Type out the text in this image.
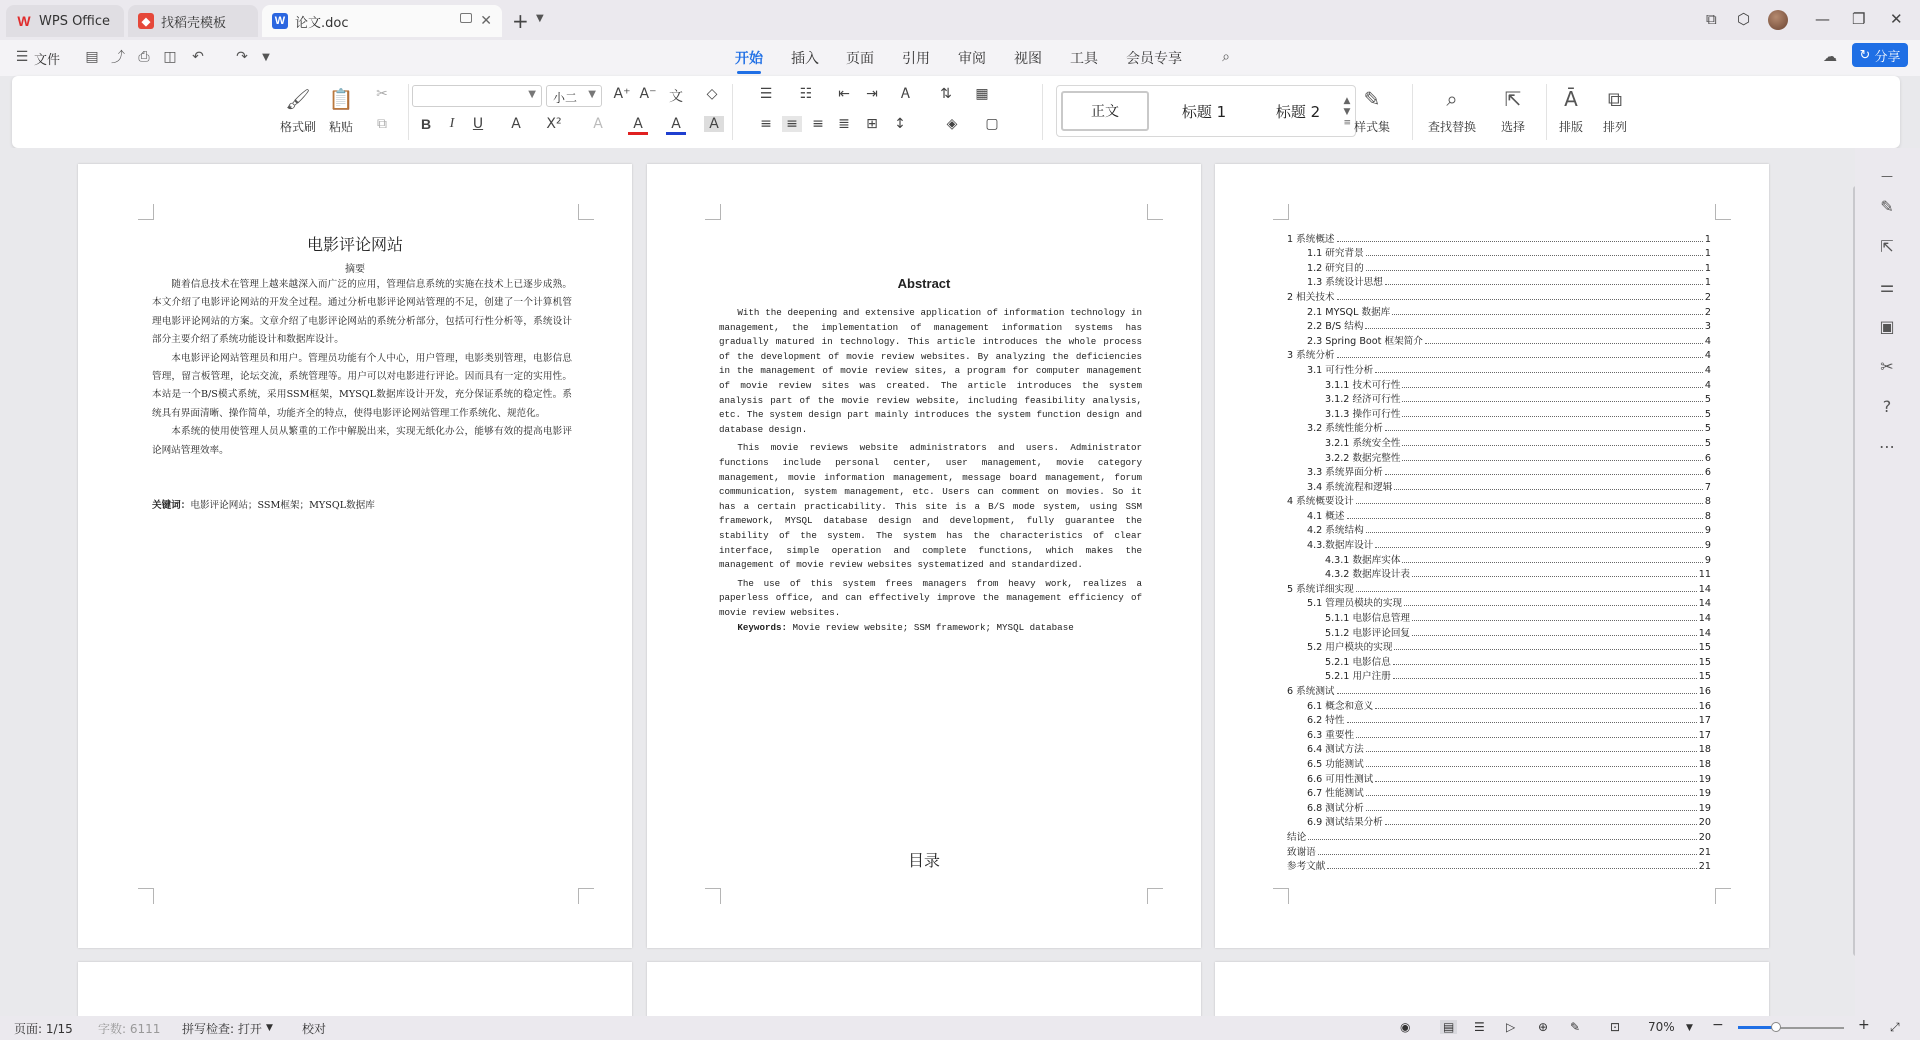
W WPS Office	◆ 找稻壳模板	W 论文.doc	✕ + ▼	⧉ ⬡	— ❐ ✕
☰ 文件 ▤ ⤴ ⎙ ◫ ↶ ↷	▼	开始 插入 页面 引用 审阅 视图 工具 会员专享	⌕	☁ ↻ 分享
🖌
格式刷
📋
粘贴
✂
⧉
▼	小二 ▼ A⁺ A⁻ 文	◇
B	I	U	A	X²	A	A	A	A
☰ ☷ ⇤ ⇥	Ꭺ	⇅ ▦
≡ ≡ ≡ ≣ ⊞ ↕	◈	▢
正文	标题 1	标题 2
▲
▼
≡
✎
样式集
⌕
查找替换
⇱
选择
Ā
排版
⧉
排列
电影评论网站
摘要

随着信息技术在管理上越来越深入而广泛的应用，管理信息系统的实施在技术上已逐步成熟。本文介绍了电影评论网站的开发全过程。通过分析电影评论网站管理的不足，创建了一个计算机管理电影评论网站的方案。文章介绍了电影评论网站的系统分析部分，包括可行性分析等，系统设计部分主要介绍了系统功能设计和数据库设计。

本电影评论网站管理员和用户。管理员功能有个人中心，用户管理，电影类别管理，电影信息管理，留言板管理，论坛交流，系统管理等。用户可以对电影进行评论。因而具有一定的实用性。本站是一个B/S模式系统，采用SSM框架，MYSQL数据库设计开发，充分保证系统的稳定性。系统具有界面清晰、操作简单，功能齐全的特点，使得电影评论网站管理工作系统化、规范化。

本系统的使用使管理人员从繁重的工作中解脱出来，实现无纸化办公，能够有效的提高电影评论网站管理效率。

关键词：电影评论网站；SSM框架；MYSQL数据库
Abstract

With the deepening and extensive application of information technology in management, the implementation of management information systems has gradually matured in technology. This article introduces the whole process of the development of movie review websites. By analyzing the deficiencies in the management of movie review sites, a program for computer management of movie review sites was created. The article introduces the system analysis part of the movie review website, including feasibility analysis, etc. The system design part mainly introduces the system function design and database design.

This movie reviews website administrators and users. Administrator functions include personal center, user management, movie category management, movie information management, message board management, forum communication, system management, etc. Users can comment on movies. So it has a certain practicability. This site is a B/S mode system, using SSM framework, MYSQL database design and development, fully guarantee the stability of the system. The system has the characteristics of clear interface, simple operation and complete functions, which makes the management of movie review websites systematized and standardized.

The use of this system frees managers from heavy work, realizes a paperless office, and can effectively improve the management efficiency of movie review websites.

Keywords: Movie review website; SSM framework; MYSQL database
目录
1 系统概述	1
1.1 研究背景	1
1.2 研究目的	1
1.3 系统设计思想	1
2 相关技术	2
2.1 MYSQL 数据库	2
2.2 B/S 结构	3
2.3 Spring Boot 框架简介	4
3 系统分析	4
3.1 可行性分析	4
3.1.1 技术可行性	4
3.1.2 经济可行性	5
3.1.3 操作可行性	5
3.2 系统性能分析	5
3.2.1 系统安全性	5
3.2.2 数据完整性	6
3.3 系统界面分析	6
3.4 系统流程和逻辑	7
4 系统概要设计	8
4.1 概述	8
4.2 系统结构	9
4.3.数据库设计	9
4.3.1 数据库实体	9
4.3.2 数据库设计表	11
5 系统详细实现	14
5.1 管理员模块的实现	14
5.1.1 电影信息管理	14
5.1.2 电影评论回复	14
5.2 用户模块的实现	15
5.2.1 电影信息	15
5.2.1 用户注册	15
6 系统测试	16
6.1 概念和意义	16
6.2 特性	17
6.3 重要性	17
6.4 测试方法	18
6.5 功能测试	18
6.6 可用性测试	19
6.7 性能测试	19
6.8 测试分析	19
6.9 测试结果分析	20
结论	20
致谢语	21
参考文献	21
—
✎
⇱
⚌
▣
✂
?
⋯
页面: 1/15 字数: 6111 拼写检查: 打开 ▼ 校对	◉	▤ ☰ ▷ ⊕ ✎ ⊡ 70% ▼ −	+ ⤢
